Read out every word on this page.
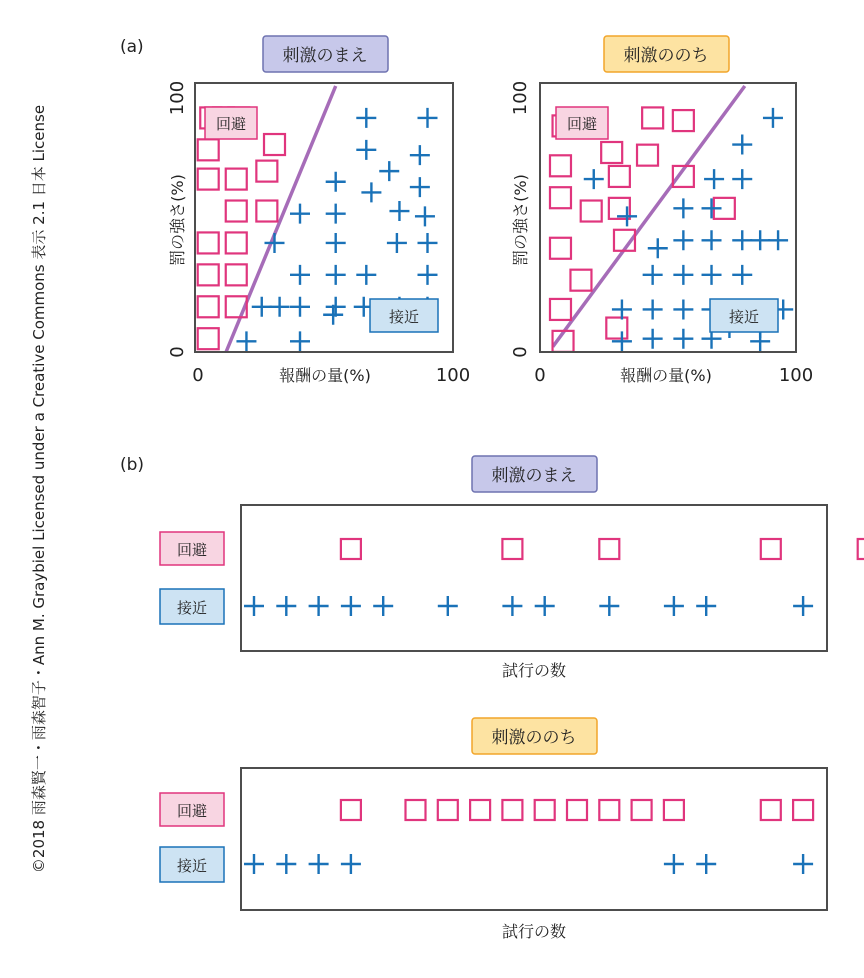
©2018 雨森賢一・雨森智子・Ann M. Graybiel Licensed under a Creative Commons 表示 2.1 日本 License
(a)
(b)
刺激のまえ
回避
接近
0	100
報酬の量(%)
0
100
罰の強さ(%)
刺激ののち
回避
接近
0	100
報酬の量(%)
0
100
罰の強さ(%)
刺激のまえ
回避
接近
試行の数
刺激ののち
回避
接近
試行の数
